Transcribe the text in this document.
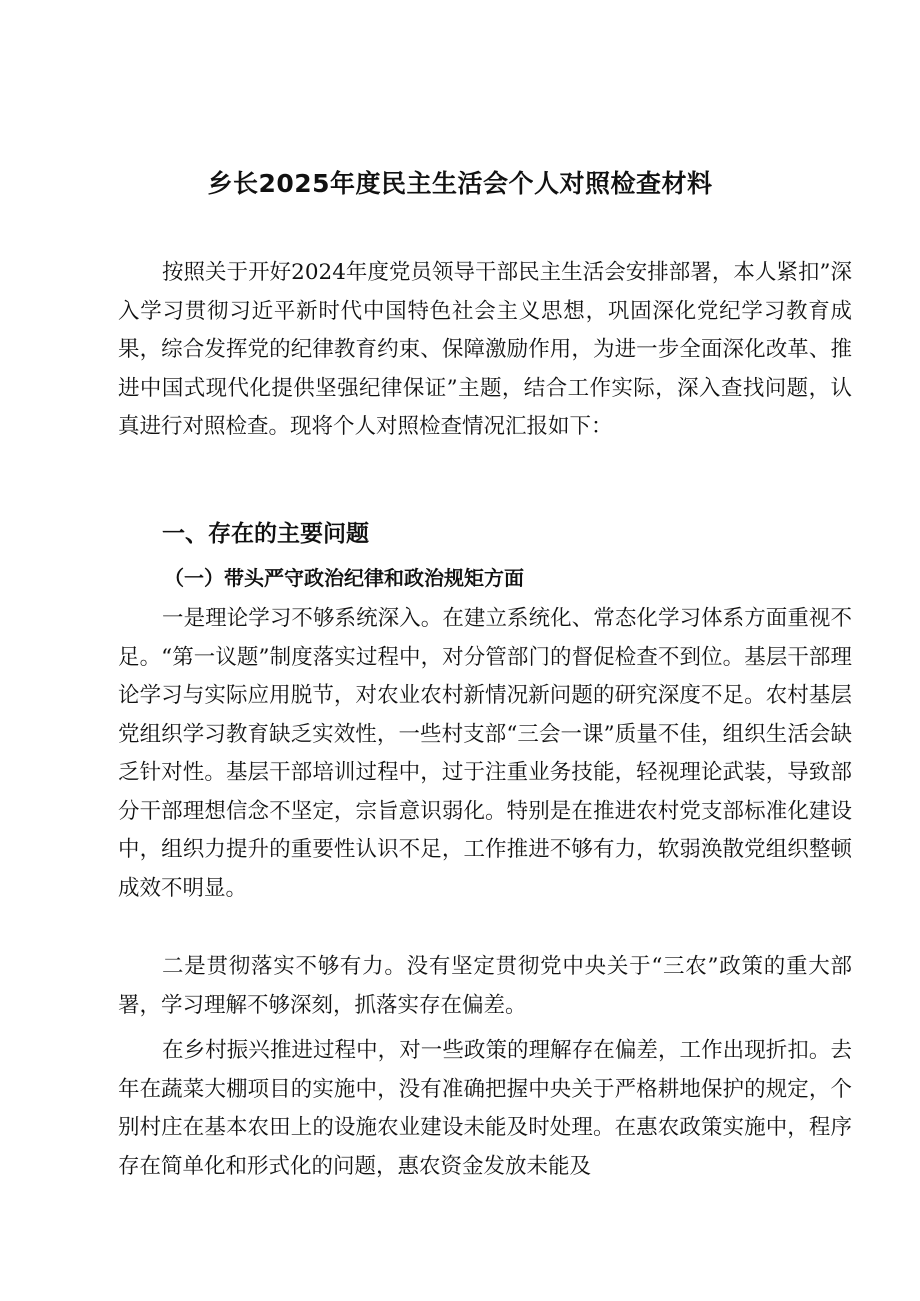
乡长2025年度民主生活会个人对照检查材料

按照关于开好2024年度党员领导干部民主生活会安排部署，本人紧扣”深入学习贯彻习近平新时代中国特色社会主义思想，巩固深化党纪学习教育成果，综合发挥党的纪律教育约束、保障激励作用，为进一步全面深化改革、推进中国式现代化提供坚强纪律保证”主题，结合工作实际，深入查找问题，认真进行对照检查。现将个人对照检查情况汇报如下：

一、存在的主要问题
（一）带头严守政治纪律和政治规矩方面

一是理论学习不够系统深入。在建立系统化、常态化学习体系方面重视不足。“第一议题”制度落实过程中，对分管部门的督促检查不到位。基层干部理论学习与实际应用脱节，对农业农村新情况新问题的研究深度不足。农村基层党组织学习教育缺乏实效性，一些村支部“三会一课”质量不佳，组织生活会缺乏针对性。基层干部培训过程中，过于注重业务技能，轻视理论武装，导致部分干部理想信念不坚定，宗旨意识弱化。特别是在推进农村党支部标准化建设中，组织力提升的重要性认识不足，工作推进不够有力，软弱涣散党组织整顿成效不明显。

二是贯彻落实不够有力。没有坚定贯彻党中央关于“三农”政策的重大部署，学习理解不够深刻，抓落实存在偏差。

在乡村振兴推进过程中，对一些政策的理解存在偏差，工作出现折扣。去年在蔬菜大棚项目的实施中，没有准确把握中央关于严格耕地保护的规定，个别村庄在基本农田上的设施农业建设未能及时处理。在惠农政策实施中，程序存在简单化和形式化的问题，惠农资金发放未能及
